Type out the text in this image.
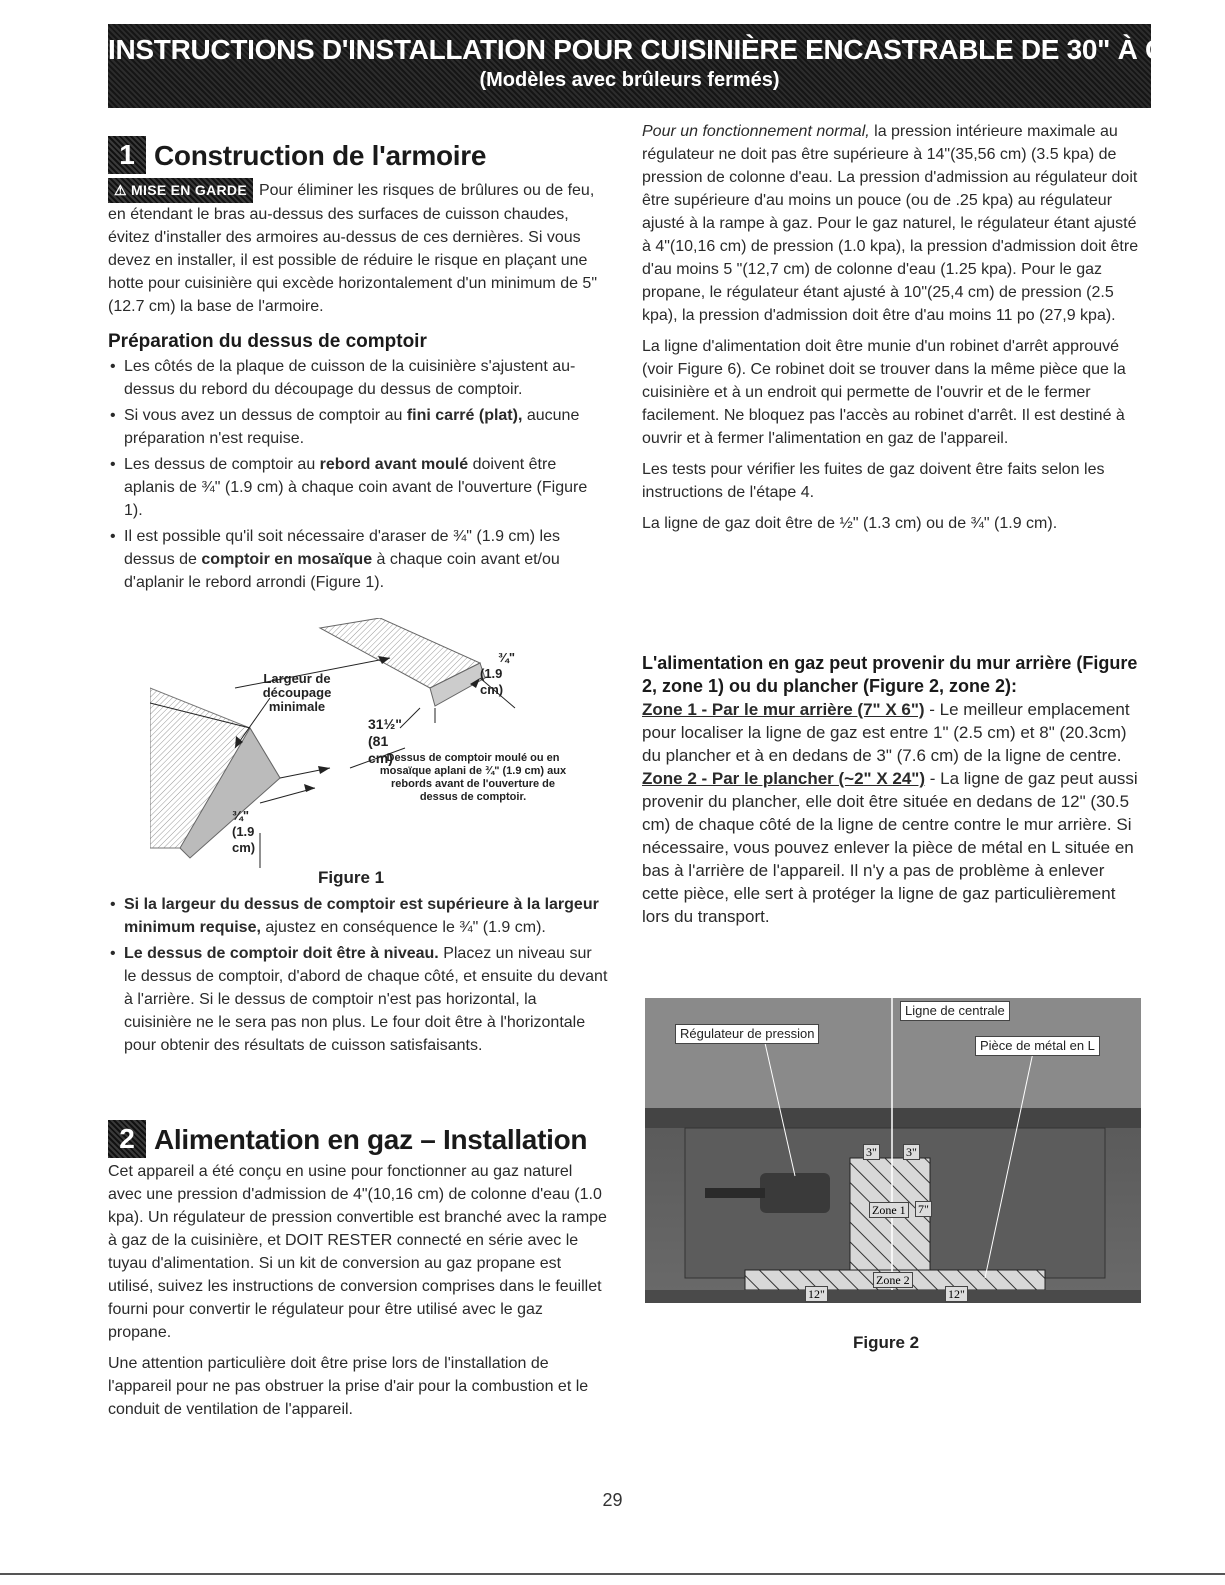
INSTRUCTIONS D'INSTALLATION POUR CUISINIÈRE ENCASTRABLE DE 30" À GAZ
(Modèles avec brûleurs fermés)
1 Construction de l'armoire

⚠ MISE EN GARDE Pour éliminer les risques de brûlures ou de feu, en étendant le bras au-dessus des surfaces de cuisson chaudes, évitez d'installer des armoires au-dessus de ces dernières. Si vous devez en installer, il est possible de réduire le risque en plaçant une hotte pour cuisinière qui excède horizontalement d'un minimum de 5" (12.7 cm) la base de l'armoire.

Préparation du dessus de comptoir
• Les côtés de la plaque de cuisson de la cuisinière s'ajustent au-dessus du rebord du découpage du dessus de comptoir.
• Si vous avez un dessus de comptoir au fini carré (plat), aucune préparation n'est requise.
• Les dessus de comptoir au rebord avant moulé doivent être aplanis de ¾" (1.9 cm) à chaque coin avant de l'ouverture (Figure 1).
• Il est possible qu'il soit nécessaire d'araser de ¾" (1.9 cm) les dessus de comptoir en mosaïque à chaque coin avant et/ou d'aplanir le rebord arrondi (Figure 1).
Largeur de
découpage
minimale
¾"
(1.9 cm)
31½"
(81 cm)
¾"
(1.9 cm)
Dessus de comptoir moulé ou en
mosaïque aplani de ¾" (1.9 cm) aux
rebords avant de l'ouverture de
dessus de comptoir.
Figure 1
• Si la largeur du dessus de comptoir est supérieure à la largeur minimum requise, ajustez en conséquence le ¾" (1.9 cm).
• Le dessus de comptoir doit être à niveau. Placez un niveau sur le dessus de comptoir, d'abord de chaque côté, et ensuite du devant à l'arrière. Si le dessus de comptoir n'est pas horizontal, la cuisinière ne le sera pas non plus. Le four doit être à l'horizontale pour obtenir des résultats de cuisson satisfaisants.
2 Alimentation en gaz – Installation

Cet appareil a été conçu en usine pour fonctionner au gaz naturel avec une pression d'admission de 4"(10,16 cm) de colonne d'eau (1.0 kpa). Un régulateur de pression convertible est branché avec la rampe à gaz de la cuisinière, et DOIT RESTER connecté en série avec le tuyau d'alimentation. Si un kit de conversion au gaz propane est utilisé, suivez les instructions de conversion comprises dans le feuillet fourni pour convertir le régulateur pour être utilisé avec le gaz propane.

Une attention particulière doit être prise lors de l'installation de l'appareil pour ne pas obstruer la prise d'air pour la combustion et le conduit de ventilation de l'appareil.

Pour un fonctionnement normal, la pression intérieure maximale au régulateur ne doit pas être supérieure à 14"(35,56 cm) (3.5 kpa) de pression de colonne d'eau. La pression d'admission au régulateur doit être supérieure d'au moins un pouce (ou de .25 kpa) au régulateur ajusté à la rampe à gaz. Pour le gaz naturel, le régulateur étant ajusté à 4"(10,16 cm) de pression (1.0 kpa), la pression d'admission doit être d'au moins 5 "(12,7 cm) de colonne d'eau (1.25 kpa). Pour le gaz propane, le régulateur étant ajusté à 10"(25,4 cm) de pression (2.5 kpa), la pression d'admission doit être d'au moins 11 po (27,9 kpa).

La ligne d'alimentation doit être munie d'un robinet d'arrêt approuvé (voir Figure 6). Ce robinet doit se trouver dans la même pièce que la cuisinière et à un endroit qui permette de l'ouvrir et de le fermer facilement. Ne bloquez pas l'accès au robinet d'arrêt. Il est destiné à ouvrir et à fermer l'alimentation en gaz de l'appareil.

Les tests pour vérifier les fuites de gaz doivent être faits selon les instructions de l'étape 4.

La ligne de gaz doit être de ½" (1.3 cm) ou de ¾" (1.9 cm).

L'alimentation en gaz peut provenir du mur arrière (Figure 2, zone 1) ou du plancher (Figure 2, zone 2):
Zone 1 - Par le mur arrière (7" X 6") - Le meilleur emplacement pour localiser la ligne de gaz est entre 1" (2.5 cm) et 8" (20.3cm) du plancher et à en dedans de 3" (7.6 cm) de la ligne de centre.
Zone 2 - Par le plancher (~2" X 24") - La ligne de gaz peut aussi provenir du plancher, elle doit être située en dedans de 12" (30.5 cm) de chaque côté de la ligne de centre contre le mur arrière. Si nécessaire, vous pouvez enlever la pièce de métal en L située en bas à l'arrière de l'appareil. Il n'y a pas de problème à enlever cette pièce, elle sert à protéger la ligne de gaz particulièrement lors du transport.
Régulateur de pression
Ligne de centrale
Pièce de métal en L
3" 3"
7"
Zone 1
Zone 2
12"	12"
Figure 2
29
